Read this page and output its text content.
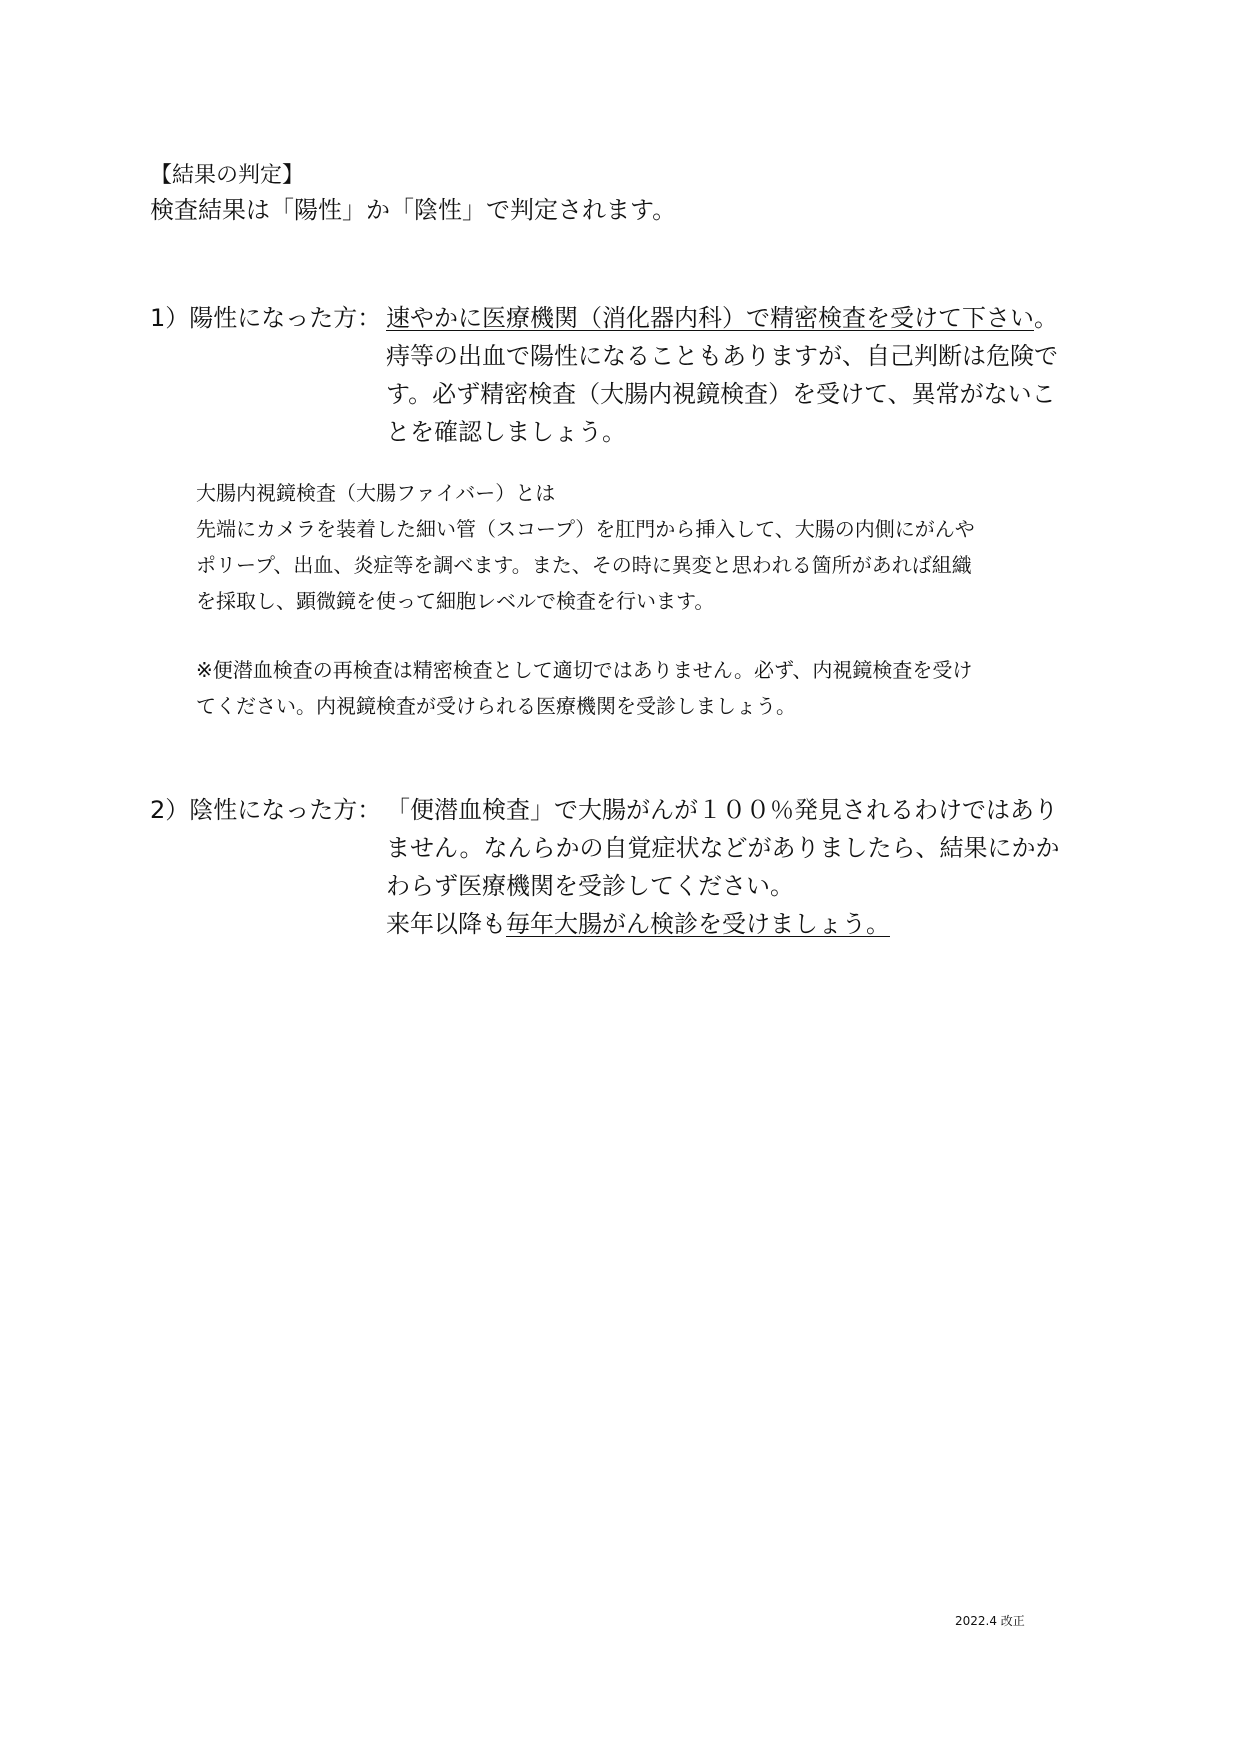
【結果の判定】
検査結果は「陽性」か「陰性」で判定されます。
1）陽性になった方： 速やかに医療機関（消化器内科）で精密検査を受けて下さい。
痔等の出血で陽性になることもありますが、自己判断は危険で
す。必ず精密検査（大腸内視鏡検査）を受けて、異常がないこ
とを確認しましょう。
大腸内視鏡検査（大腸ファイバー）とは
先端にカメラを装着した細い管（スコープ）を肛門から挿入して、大腸の内側にがんや
ポリープ、出血、炎症等を調べます。また、その時に異変と思われる箇所があれば組織
を採取し、顕微鏡を使って細胞レベルで検査を行います。
※便潜血検査の再検査は精密検査として適切ではありません。必ず、内視鏡検査を受け
てください。内視鏡検査が受けられる医療機関を受診しましょう。
2）陰性になった方： 「便潜血検査」で大腸がんが１００％発見されるわけではあり
ません。なんらかの自覚症状などがありましたら、結果にかか
わらず医療機関を受診してください。
来年以降も毎年大腸がん検診を受けましょう。
2022.4 改正
